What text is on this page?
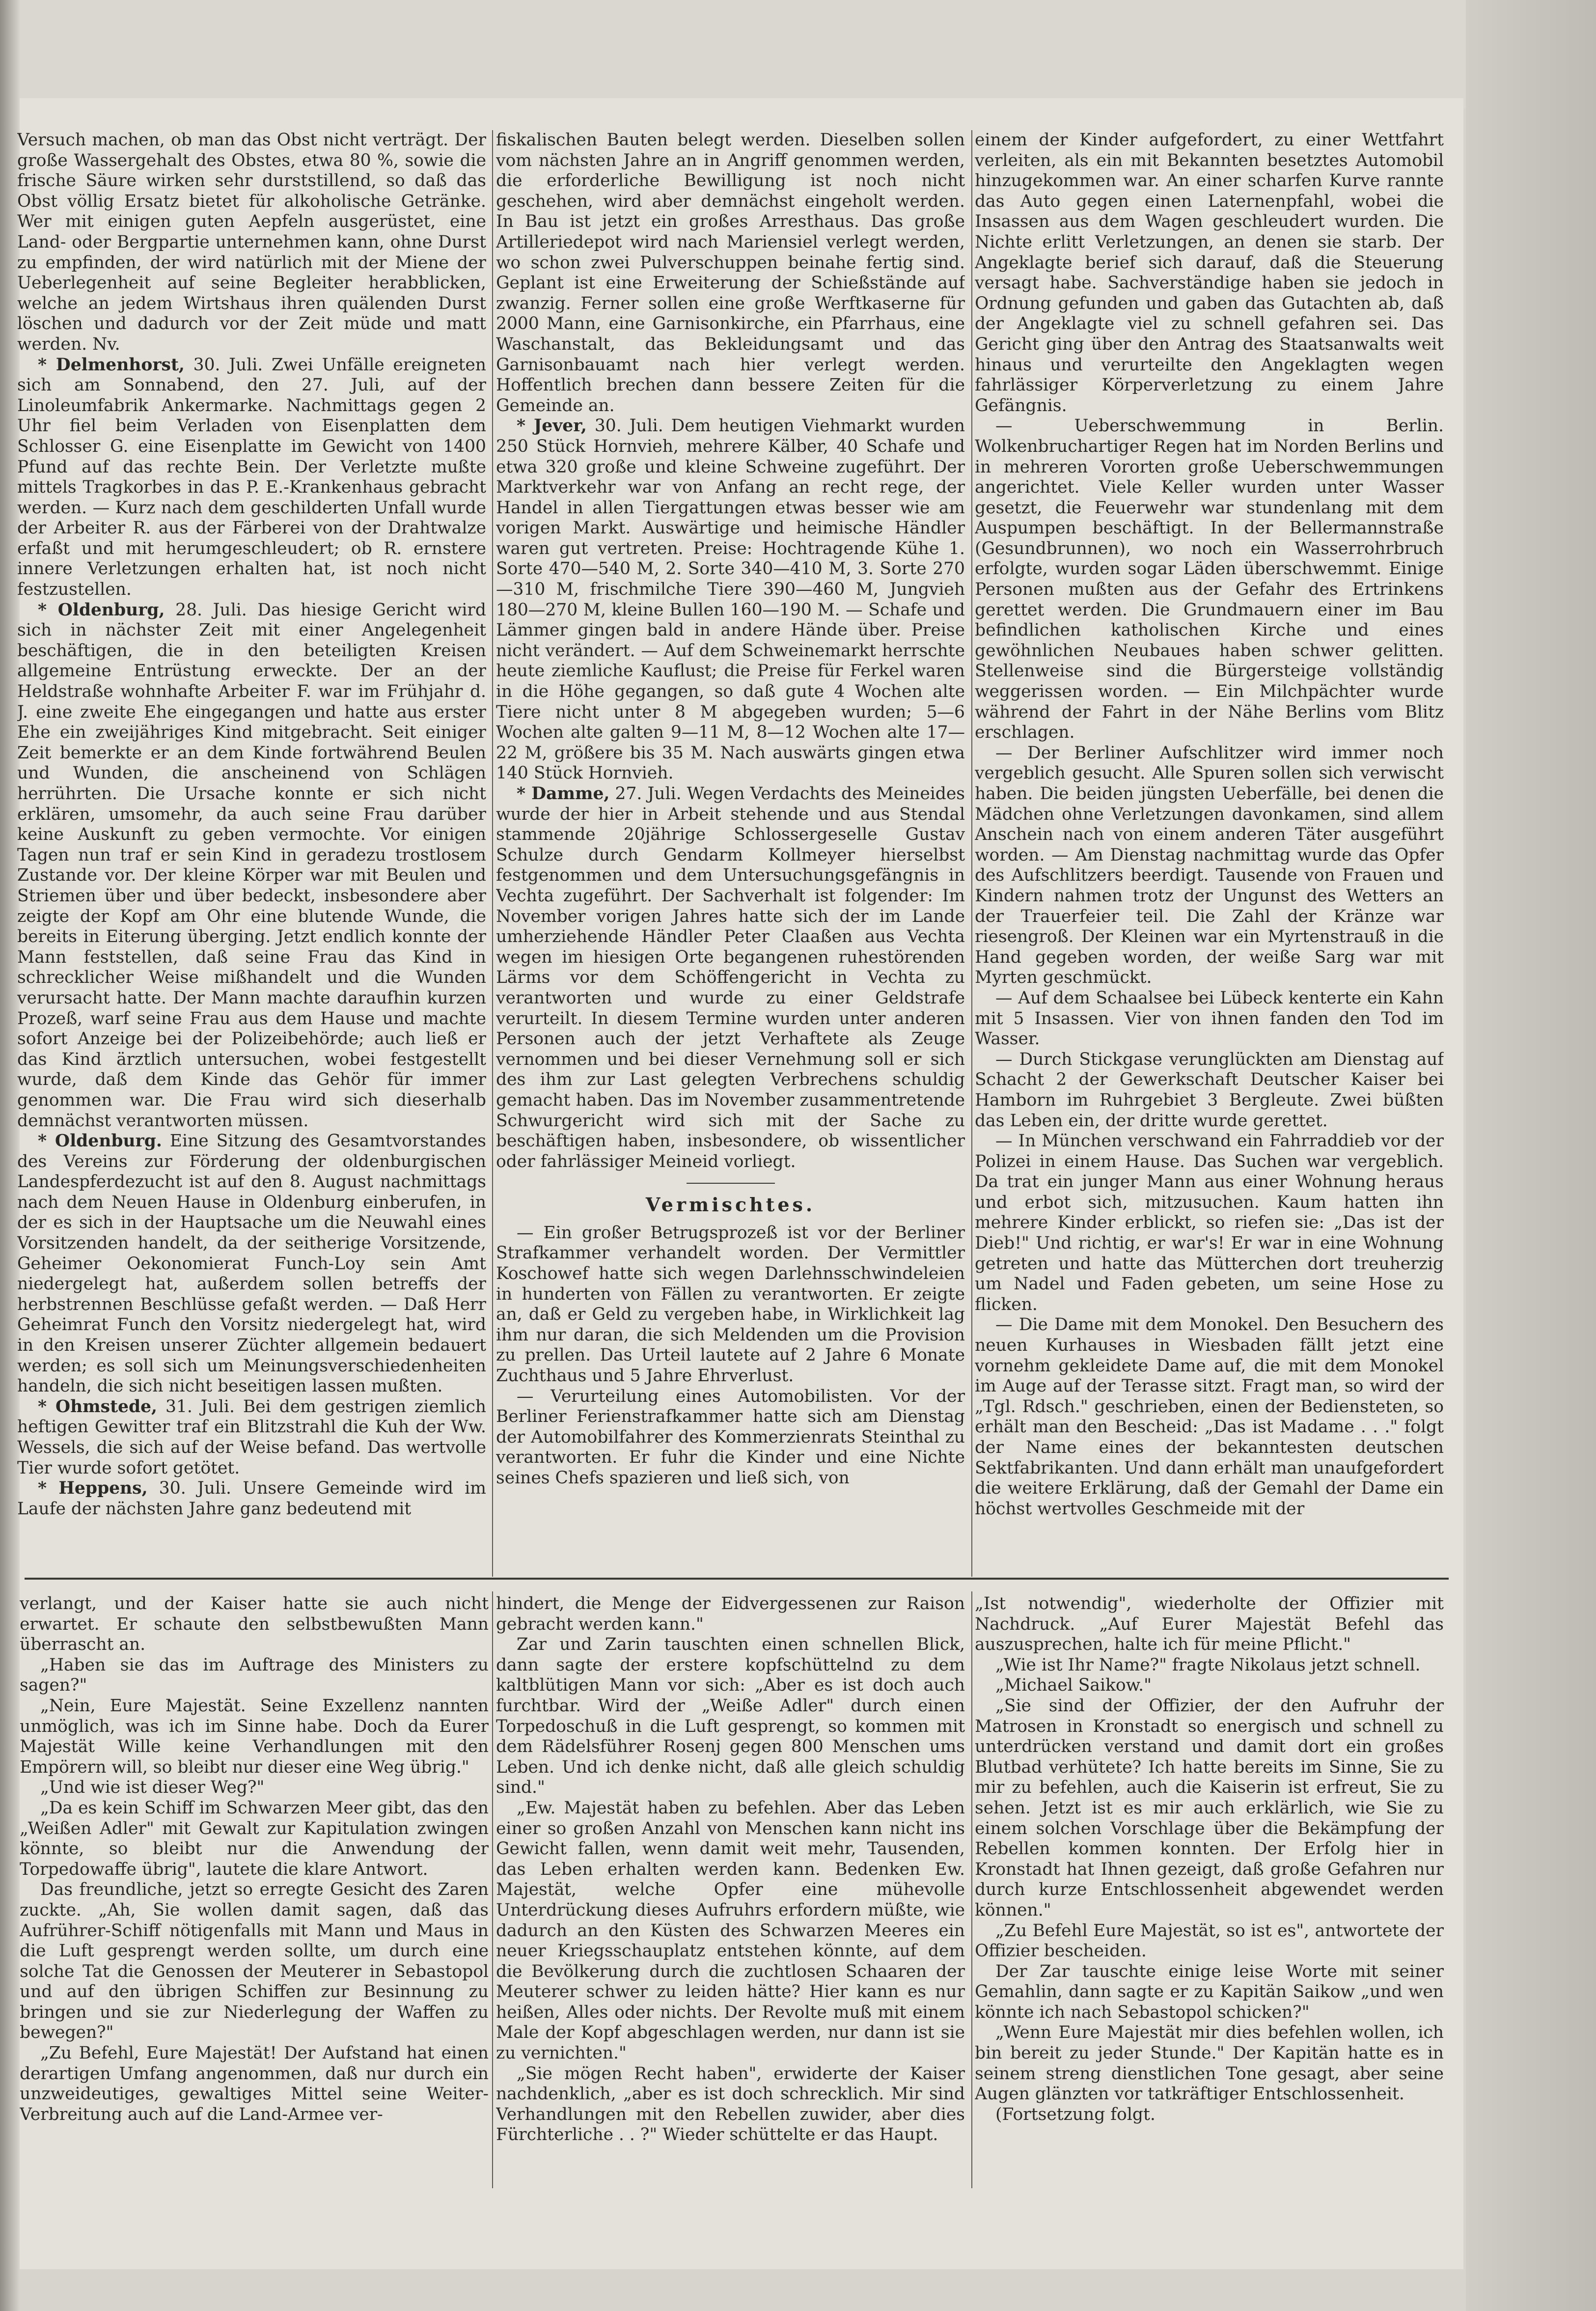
Versuch machen, ob man das Obst nicht verträgt. Der große Wassergehalt des Obstes, etwa 80 %, sowie die frische Säure wirken sehr durststillend, so daß das Obst völlig Ersatz bietet für alkoholische Getränke. Wer mit einigen guten Aepfeln ausgerüstet, eine Land- oder Bergpartie unternehmen kann, ohne Durst zu empfinden, der wird natürlich mit der Miene der Ueberlegenheit auf seine Begleiter herabblicken, welche an jedem Wirtshaus ihren quälenden Durst löschen und dadurch vor der Zeit müde und matt werden. Nv.

* Delmenhorst, 30. Juli. Zwei Unfälle ereigneten sich am Sonnabend, den 27. Juli, auf der Linoleumfabrik Ankermarke. Nachmittags gegen 2 Uhr fiel beim Verladen von Eisenplatten dem Schlosser G. eine Eisenplatte im Gewicht von 1400 Pfund auf das rechte Bein. Der Verletzte mußte mittels Tragkorbes in das P. E.-Krankenhaus gebracht werden. — Kurz nach dem geschilderten Unfall wurde der Arbeiter R. aus der Färberei von der Drahtwalze erfaßt und mit herumgeschleudert; ob R. ernstere innere Verletzungen erhalten hat, ist noch nicht festzustellen.

* Oldenburg, 28. Juli. Das hiesige Gericht wird sich in nächster Zeit mit einer Angelegenheit beschäftigen, die in den beteiligten Kreisen allgemeine Entrüstung erweckte. Der an der Heldstraße wohnhafte Arbeiter F. war im Frühjahr d. J. eine zweite Ehe eingegangen und hatte aus erster Ehe ein zweijähriges Kind mitgebracht. Seit einiger Zeit bemerkte er an dem Kinde fortwährend Beulen und Wunden, die anscheinend von Schlägen herrührten. Die Ursache konnte er sich nicht erklären, umsomehr, da auch seine Frau darüber keine Auskunft zu geben vermochte. Vor einigen Tagen nun traf er sein Kind in geradezu trostlosem Zustande vor. Der kleine Körper war mit Beulen und Striemen über und über bedeckt, insbesondere aber zeigte der Kopf am Ohr eine blutende Wunde, die bereits in Eiterung überging. Jetzt endlich konnte der Mann feststellen, daß seine Frau das Kind in schrecklicher Weise mißhandelt und die Wunden verursacht hatte. Der Mann machte daraufhin kurzen Prozeß, warf seine Frau aus dem Hause und machte sofort Anzeige bei der Polizeibehörde; auch ließ er das Kind ärztlich untersuchen, wobei festgestellt wurde, daß dem Kinde das Gehör für immer genommen war. Die Frau wird sich dieserhalb demnächst verantworten müssen.

* Oldenburg. Eine Sitzung des Gesamtvorstandes des Vereins zur Förderung der oldenburgischen Landespferdezucht ist auf den 8. August nachmittags nach dem Neuen Hause in Oldenburg einberufen, in der es sich in der Hauptsache um die Neuwahl eines Vorsitzenden handelt, da der seitherige Vorsitzende, Geheimer Oekonomierat Funch-Loy sein Amt niedergelegt hat, außerdem sollen betreffs der herbstrennen Beschlüsse gefaßt werden. — Daß Herr Geheimrat Funch den Vorsitz niedergelegt hat, wird in den Kreisen unserer Züchter allgemein bedauert werden; es soll sich um Meinungsverschiedenheiten handeln, die sich nicht beseitigen lassen mußten.

* Ohmstede, 31. Juli. Bei dem gestrigen ziemlich heftigen Gewitter traf ein Blitzstrahl die Kuh der Ww. Wessels, die sich auf der Weise befand. Das wertvolle Tier wurde sofort getötet.

* Heppens, 30. Juli. Unsere Gemeinde wird im Laufe der nächsten Jahre ganz bedeutend mit

fiskalischen Bauten belegt werden. Dieselben sollen vom nächsten Jahre an in Angriff genommen werden, die erforderliche Bewilligung ist noch nicht geschehen, wird aber demnächst eingeholt werden. In Bau ist jetzt ein großes Arresthaus. Das große Artilleriedepot wird nach Mariensiel verlegt werden, wo schon zwei Pulverschuppen beinahe fertig sind. Geplant ist eine Erweiterung der Schießstände auf zwanzig. Ferner sollen eine große Werftkaserne für 2000 Mann, eine Garnisonkirche, ein Pfarrhaus, eine Waschanstalt, das Bekleidungsamt und das Garnisonbauamt nach hier verlegt werden. Hoffentlich brechen dann bessere Zeiten für die Gemeinde an.

* Jever, 30. Juli. Dem heutigen Viehmarkt wurden 250 Stück Hornvieh, mehrere Kälber, 40 Schafe und etwa 320 große und kleine Schweine zugeführt. Der Marktverkehr war von Anfang an recht rege, der Handel in allen Tiergattungen etwas besser wie am vorigen Markt. Auswärtige und heimische Händler waren gut vertreten. Preise: Hochtragende Kühe 1. Sorte 470—540 M, 2. Sorte 340—410 M, 3. Sorte 270—310 M, frischmilche Tiere 390—460 M, Jungvieh 180—270 M, kleine Bullen 160—190 M. — Schafe und Lämmer gingen bald in andere Hände über. Preise nicht verändert. — Auf dem Schweinemarkt herrschte heute ziemliche Kauflust; die Preise für Ferkel waren in die Höhe gegangen, so daß gute 4 Wochen alte Tiere nicht unter 8 M abgegeben wurden; 5—6 Wochen alte galten 9—11 M, 8—12 Wochen alte 17—22 M, größere bis 35 M. Nach auswärts gingen etwa 140 Stück Hornvieh.

* Damme, 27. Juli. Wegen Verdachts des Meineides wurde der hier in Arbeit stehende und aus Stendal stammende 20jährige Schlossergeselle Gustav Schulze durch Gendarm Kollmeyer hierselbst festgenommen und dem Untersuchungsgefängnis in Vechta zugeführt. Der Sachverhalt ist folgender: Im November vorigen Jahres hatte sich der im Lande umherziehende Händler Peter Claaßen aus Vechta wegen im hiesigen Orte begangenen ruhestörenden Lärms vor dem Schöffengericht in Vechta zu verantworten und wurde zu einer Geldstrafe verurteilt. In diesem Termine wurden unter anderen Personen auch der jetzt Verhaftete als Zeuge vernommen und bei dieser Vernehmung soll er sich des ihm zur Last gelegten Verbrechens schuldig gemacht haben. Das im November zusammentretende Schwurgericht wird sich mit der Sache zu beschäftigen haben, insbesondere, ob wissentlicher oder fahrlässiger Meineid vorliegt.

Vermischtes.

— Ein großer Betrugsprozeß ist vor der Berliner Strafkammer verhandelt worden. Der Vermittler Koschowef hatte sich wegen Darlehnsschwindeleien in hunderten von Fällen zu verantworten. Er zeigte an, daß er Geld zu vergeben habe, in Wirklichkeit lag ihm nur daran, die sich Meldenden um die Provision zu prellen. Das Urteil lautete auf 2 Jahre 6 Monate Zuchthaus und 5 Jahre Ehrverlust.

— Verurteilung eines Automobilisten. Vor der Berliner Ferienstrafkammer hatte sich am Dienstag der Automobilfahrer des Kommerzienrats Steinthal zu verantworten. Er fuhr die Kinder und eine Nichte seines Chefs spazieren und ließ sich, von

einem der Kinder aufgefordert, zu einer Wettfahrt verleiten, als ein mit Bekannten besetztes Automobil hinzugekommen war. An einer scharfen Kurve rannte das Auto gegen einen Laternenpfahl, wobei die Insassen aus dem Wagen geschleudert wurden. Die Nichte erlitt Verletzungen, an denen sie starb. Der Angeklagte berief sich darauf, daß die Steuerung versagt habe. Sachverständige haben sie jedoch in Ordnung gefunden und gaben das Gutachten ab, daß der Angeklagte viel zu schnell gefahren sei. Das Gericht ging über den Antrag des Staatsanwalts weit hinaus und verurteilte den Angeklagten wegen fahrlässiger Körperverletzung zu einem Jahre Gefängnis.

— Ueberschwemmung in Berlin. Wolkenbruchartiger Regen hat im Norden Berlins und in mehreren Vororten große Ueberschwemmungen angerichtet. Viele Keller wurden unter Wasser gesetzt, die Feuerwehr war stundenlang mit dem Auspumpen beschäftigt. In der Bellermannstraße (Gesundbrunnen), wo noch ein Wasserrohrbruch erfolgte, wurden sogar Läden überschwemmt. Einige Personen mußten aus der Gefahr des Ertrinkens gerettet werden. Die Grundmauern einer im Bau befindlichen katholischen Kirche und eines gewöhnlichen Neubaues haben schwer gelitten. Stellenweise sind die Bürgersteige vollständig weggerissen worden. — Ein Milchpächter wurde während der Fahrt in der Nähe Berlins vom Blitz erschlagen.

— Der Berliner Aufschlitzer wird immer noch vergeblich gesucht. Alle Spuren sollen sich verwischt haben. Die beiden jüngsten Ueberfälle, bei denen die Mädchen ohne Verletzungen davonkamen, sind allem Anschein nach von einem anderen Täter ausgeführt worden. — Am Dienstag nachmittag wurde das Opfer des Aufschlitzers beerdigt. Tausende von Frauen und Kindern nahmen trotz der Ungunst des Wetters an der Trauerfeier teil. Die Zahl der Kränze war riesengroß. Der Kleinen war ein Myrtenstrauß in die Hand gegeben worden, der weiße Sarg war mit Myrten geschmückt.

— Auf dem Schaalsee bei Lübeck kenterte ein Kahn mit 5 Insassen. Vier von ihnen fanden den Tod im Wasser.

— Durch Stickgase verunglückten am Dienstag auf Schacht 2 der Gewerkschaft Deutscher Kaiser bei Hamborn im Ruhrgebiet 3 Bergleute. Zwei büßten das Leben ein, der dritte wurde gerettet.

— In München verschwand ein Fahrraddieb vor der Polizei in einem Hause. Das Suchen war vergeblich. Da trat ein junger Mann aus einer Wohnung heraus und erbot sich, mitzusuchen. Kaum hatten ihn mehrere Kinder erblickt, so riefen sie: „Das ist der Dieb!" Und richtig, er war's! Er war in eine Wohnung getreten und hatte das Mütterchen dort treuherzig um Nadel und Faden gebeten, um seine Hose zu flicken.

— Die Dame mit dem Monokel. Den Besuchern des neuen Kurhauses in Wiesbaden fällt jetzt eine vornehm gekleidete Dame auf, die mit dem Monokel im Auge auf der Terasse sitzt. Fragt man, so wird der „Tgl. Rdsch." geschrieben, einen der Bediensteten, so erhält man den Bescheid: „Das ist Madame . . ." folgt der Name eines der bekanntesten deutschen Sektfabrikanten. Und dann erhält man unaufgefordert die weitere Erklärung, daß der Gemahl der Dame ein höchst wertvolles Geschmeide mit der

verlangt, und der Kaiser hatte sie auch nicht erwartet. Er schaute den selbstbewußten Mann überrascht an.

„Haben sie das im Auftrage des Ministers zu sagen?"

„Nein, Eure Majestät. Seine Exzellenz nannten unmöglich, was ich im Sinne habe. Doch da Eurer Majestät Wille keine Verhandlungen mit den Empörern will, so bleibt nur dieser eine Weg übrig."

„Und wie ist dieser Weg?"

„Da es kein Schiff im Schwarzen Meer gibt, das den „Weißen Adler" mit Gewalt zur Kapitulation zwingen könnte, so bleibt nur die Anwendung der Torpedowaffe übrig", lautete die klare Antwort.

Das freundliche, jetzt so erregte Gesicht des Zaren zuckte. „Ah, Sie wollen damit sagen, daß das Aufrührer-Schiff nötigenfalls mit Mann und Maus in die Luft gesprengt werden sollte, um durch eine solche Tat die Genossen der Meuterer in Sebastopol und auf den übrigen Schiffen zur Besinnung zu bringen und sie zur Niederlegung der Waffen zu bewegen?"

„Zu Befehl, Eure Majestät! Der Aufstand hat einen derartigen Umfang angenommen, daß nur durch ein unzweideutiges, gewaltiges Mittel seine Weiter-Verbreitung auch auf die Land-Armee ver-

hindert, die Menge der Eidvergessenen zur Raison gebracht werden kann."

Zar und Zarin tauschten einen schnellen Blick, dann sagte der erstere kopfschüttelnd zu dem kaltblütigen Mann vor sich: „Aber es ist doch auch furchtbar. Wird der „Weiße Adler" durch einen Torpedoschuß in die Luft gesprengt, so kommen mit dem Rädelsführer Rosenj gegen 800 Menschen ums Leben. Und ich denke nicht, daß alle gleich schuldig sind."

„Ew. Majestät haben zu befehlen. Aber das Leben einer so großen Anzahl von Menschen kann nicht ins Gewicht fallen, wenn damit weit mehr, Tausenden, das Leben erhalten werden kann. Bedenken Ew. Majestät, welche Opfer eine mühevolle Unterdrückung dieses Aufruhrs erfordern müßte, wie dadurch an den Küsten des Schwarzen Meeres ein neuer Kriegsschauplatz entstehen könnte, auf dem die Bevölkerung durch die zuchtlosen Schaaren der Meuterer schwer zu leiden hätte? Hier kann es nur heißen, Alles oder nichts. Der Revolte muß mit einem Male der Kopf abgeschlagen werden, nur dann ist sie zu vernichten."

„Sie mögen Recht haben", erwiderte der Kaiser nachdenklich, „aber es ist doch schrecklich. Mir sind Verhandlungen mit den Rebellen zuwider, aber dies Fürchterliche . . ?" Wieder schüttelte er das Haupt.

„Ist notwendig", wiederholte der Offizier mit Nachdruck. „Auf Eurer Majestät Befehl das auszusprechen, halte ich für meine Pflicht."

„Wie ist Ihr Name?" fragte Nikolaus jetzt schnell.

„Michael Saikow."

„Sie sind der Offizier, der den Aufruhr der Matrosen in Kronstadt so energisch und schnell zu unterdrücken verstand und damit dort ein großes Blutbad verhütete? Ich hatte bereits im Sinne, Sie zu mir zu befehlen, auch die Kaiserin ist erfreut, Sie zu sehen. Jetzt ist es mir auch erklärlich, wie Sie zu einem solchen Vorschlage über die Bekämpfung der Rebellen kommen konnten. Der Erfolg hier in Kronstadt hat Ihnen gezeigt, daß große Gefahren nur durch kurze Entschlossenheit abgewendet werden können."

„Zu Befehl Eure Majestät, so ist es", antwortete der Offizier bescheiden.

Der Zar tauschte einige leise Worte mit seiner Gemahlin, dann sagte er zu Kapitän Saikow „und wen könnte ich nach Sebastopol schicken?"

„Wenn Eure Majestät mir dies befehlen wollen, ich bin bereit zu jeder Stunde." Der Kapitän hatte es in seinem streng dienstlichen Tone gesagt, aber seine Augen glänzten vor tatkräftiger Entschlossenheit.

(Fortsetzung folgt.
